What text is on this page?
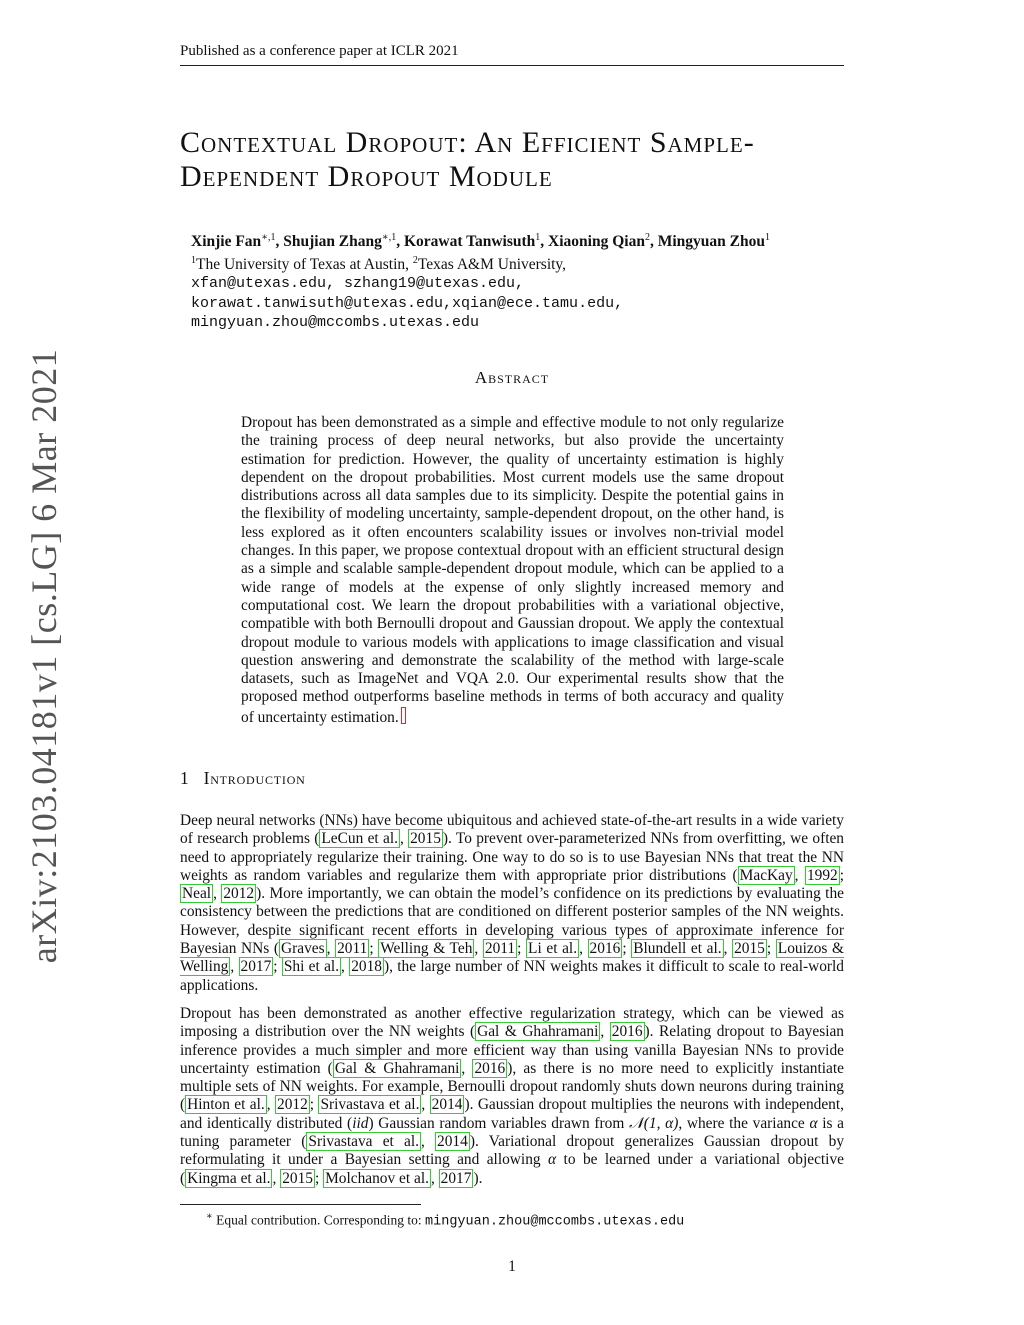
Published as a conference paper at ICLR 2021
Contextual Dropout: An Efficient Sample-
Dependent Dropout Module
Xinjie Fan$^{∗,1}$, Shujian Zhang$^{∗,1}$, Korawat Tanwisuth$^1$, Xiaoning Qian$^2$, Mingyuan Zhou$^1$
$^1$The University of Texas at Austin, $^2$Texas A&M University,
xfan@utexas.edu, szhang19@utexas.edu,
korawat.tanwisuth@utexas.edu,xqian@ece.tamu.edu,
mingyuan.zhou@mccombs.utexas.edu
arXiv:2103.04181v1 [cs.LG] 6 Mar 2021	Abstract
Dropout has been demonstrated as a simple and effective module to not only regularize the training process of deep neural networks, but also provide the uncertainty estimation for prediction. However, the quality of uncertainty estimation is highly dependent on the dropout probabilities. Most current models use the same dropout distributions across all data samples due to its simplicity. Despite the potential gains in the flexibility of modeling uncertainty, sample-dependent dropout, on the other hand, is less explored as it often encounters scalability issues or involves non-trivial model changes. In this paper, we propose contextual dropout with an efficient structural design as a simple and scalable sample-dependent dropout module, which can be applied to a wide range of models at the expense of only slightly increased memory and computational cost. We learn the dropout probabilities with a variational objective, compatible with both Bernoulli dropout and Gaussian dropout. We apply the contextual dropout module to various models with applications to image classification and visual question answering and demonstrate the scalability of the method with large-scale datasets, such as ImageNet and VQA 2.0. Our experimental results show that the proposed method outperforms baseline methods in terms of both accuracy and quality of uncertainty estimation.
1 Introduction
Deep neural networks (NNs) have become ubiquitous and achieved state-of-the-art results in a wide variety of research problems ( LeCun et al. , 2015 ). To prevent over-parameterized NNs from overfitting, we often need to appropriately regularize their training. One way to do so is to use Bayesian NNs that treat the NN weights as random variables and regularize them with appropriate prior distributions ( MacKay , 1992 ; Neal , 2012 ). More importantly, we can obtain the model’s confidence on its predictions by evaluating the consistency between the predictions that are conditioned on different posterior samples of the NN weights. However, despite significant recent efforts in developing various types of approximate inference for Bayesian NNs ( Graves , 2011 ; Welling & Teh , 2011 ; Li et al. , 2016 ; Blundell et al. , 2015 ; Louizos & Welling , 2017 ; Shi et al. , 2018 ), the large number of NN weights makes it difficult to scale to real-world applications.
Dropout has been demonstrated as another effective regularization strategy, which can be viewed as imposing a distribution over the NN weights ( Gal & Ghahramani , 2016 ). Relating dropout to Bayesian inference provides a much simpler and more efficient way than using vanilla Bayesian NNs to provide uncertainty estimation ( Gal & Ghahramani , 2016 ), as there is no more need to explicitly instantiate multiple sets of NN weights. For example, Bernoulli dropout randomly shuts down neurons during training ( Hinton et al. , 2012 ; Srivastava et al. , 2014 ). Gaussian dropout multiplies the neurons with independent, and identically distributed (iid) Gaussian random variables drawn from 𝒩(1, α), where the variance α is a tuning parameter ( Srivastava et al. , 2014 ). Variational dropout generalizes Gaussian dropout by reformulating it under a Bayesian setting and allowing α to be learned under a variational objective ( Kingma et al. , 2015 ; Molchanov et al. , 2017 ).
∗ Equal contribution. Corresponding to: mingyuan.zhou@mccombs.utexas.edu
1
